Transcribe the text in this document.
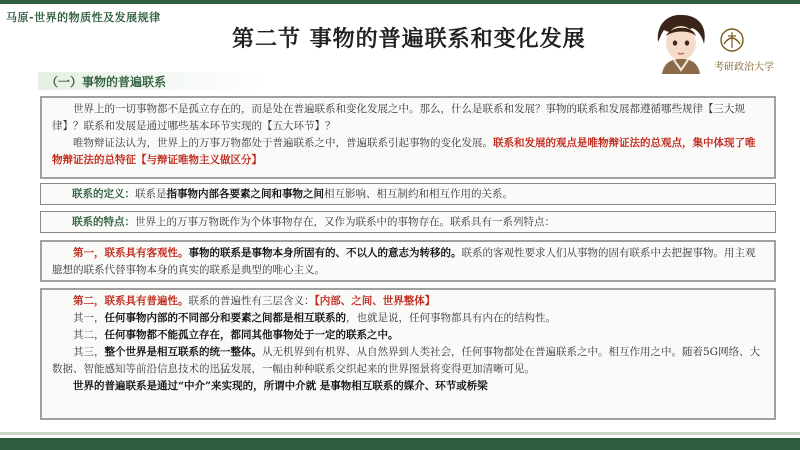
马原-世界的物质性及发展规律
第二节 事物的普遍联系和变化发展
考研政治大学
（一）事物的普遍联系

世界上的一切事物都不是孤立存在的，而是处在普遍联系和变化发展之中。那么，什么是联系和发展？事物的联系和发展都遵循哪些规律【三大规律】？联系和发展是通过哪些基本环节实现的【五大环节】？

唯物辩证法认为，世界上的万事万物都处于普遍联系之中，普遍联系引起事物的变化发展。联系和发展的观点是唯物辩证法的总观点，集中体现了唯物辩证法的总特征【与辩证唯物主义做区分】

联系的定义：联系是指事物内部各要素之间和事物之间相互影响、相互制约和相互作用的关系。

联系的特点：世界上的万事万物既作为个体事物存在，又作为联系中的事物存在。联系具有一系列特点：

第一，联系具有客观性。事物的联系是事物本身所固有的、不以人的意志为转移的。联系的客观性要求人们从事物的固有联系中去把握事物。用主观臆想的联系代替事物本身的真实的联系是典型的唯心主义。

第二，联系具有普遍性。联系的普遍性有三层含义：【内部、之间、世界整体】

其一，任何事物内部的不同部分和要素之间都是相互联系的，也就是说，任何事物都具有内在的结构性。

其二，任何事物都不能孤立存在，都同其他事物处于一定的联系之中。

其三，整个世界是相互联系的统一整体。从无机界到有机界、从自然界到人类社会，任何事物都处在普遍联系之中。相互作用之中。随着5G网络、大数据、智能感知等前沿信息技术的迅猛发展，一幅由种种联系交织起来的世界图景将变得更加清晰可见。

世界的普遍联系是通过“中介”来实现的，所谓中介就 是事物相互联系的媒介、环节或桥梁
